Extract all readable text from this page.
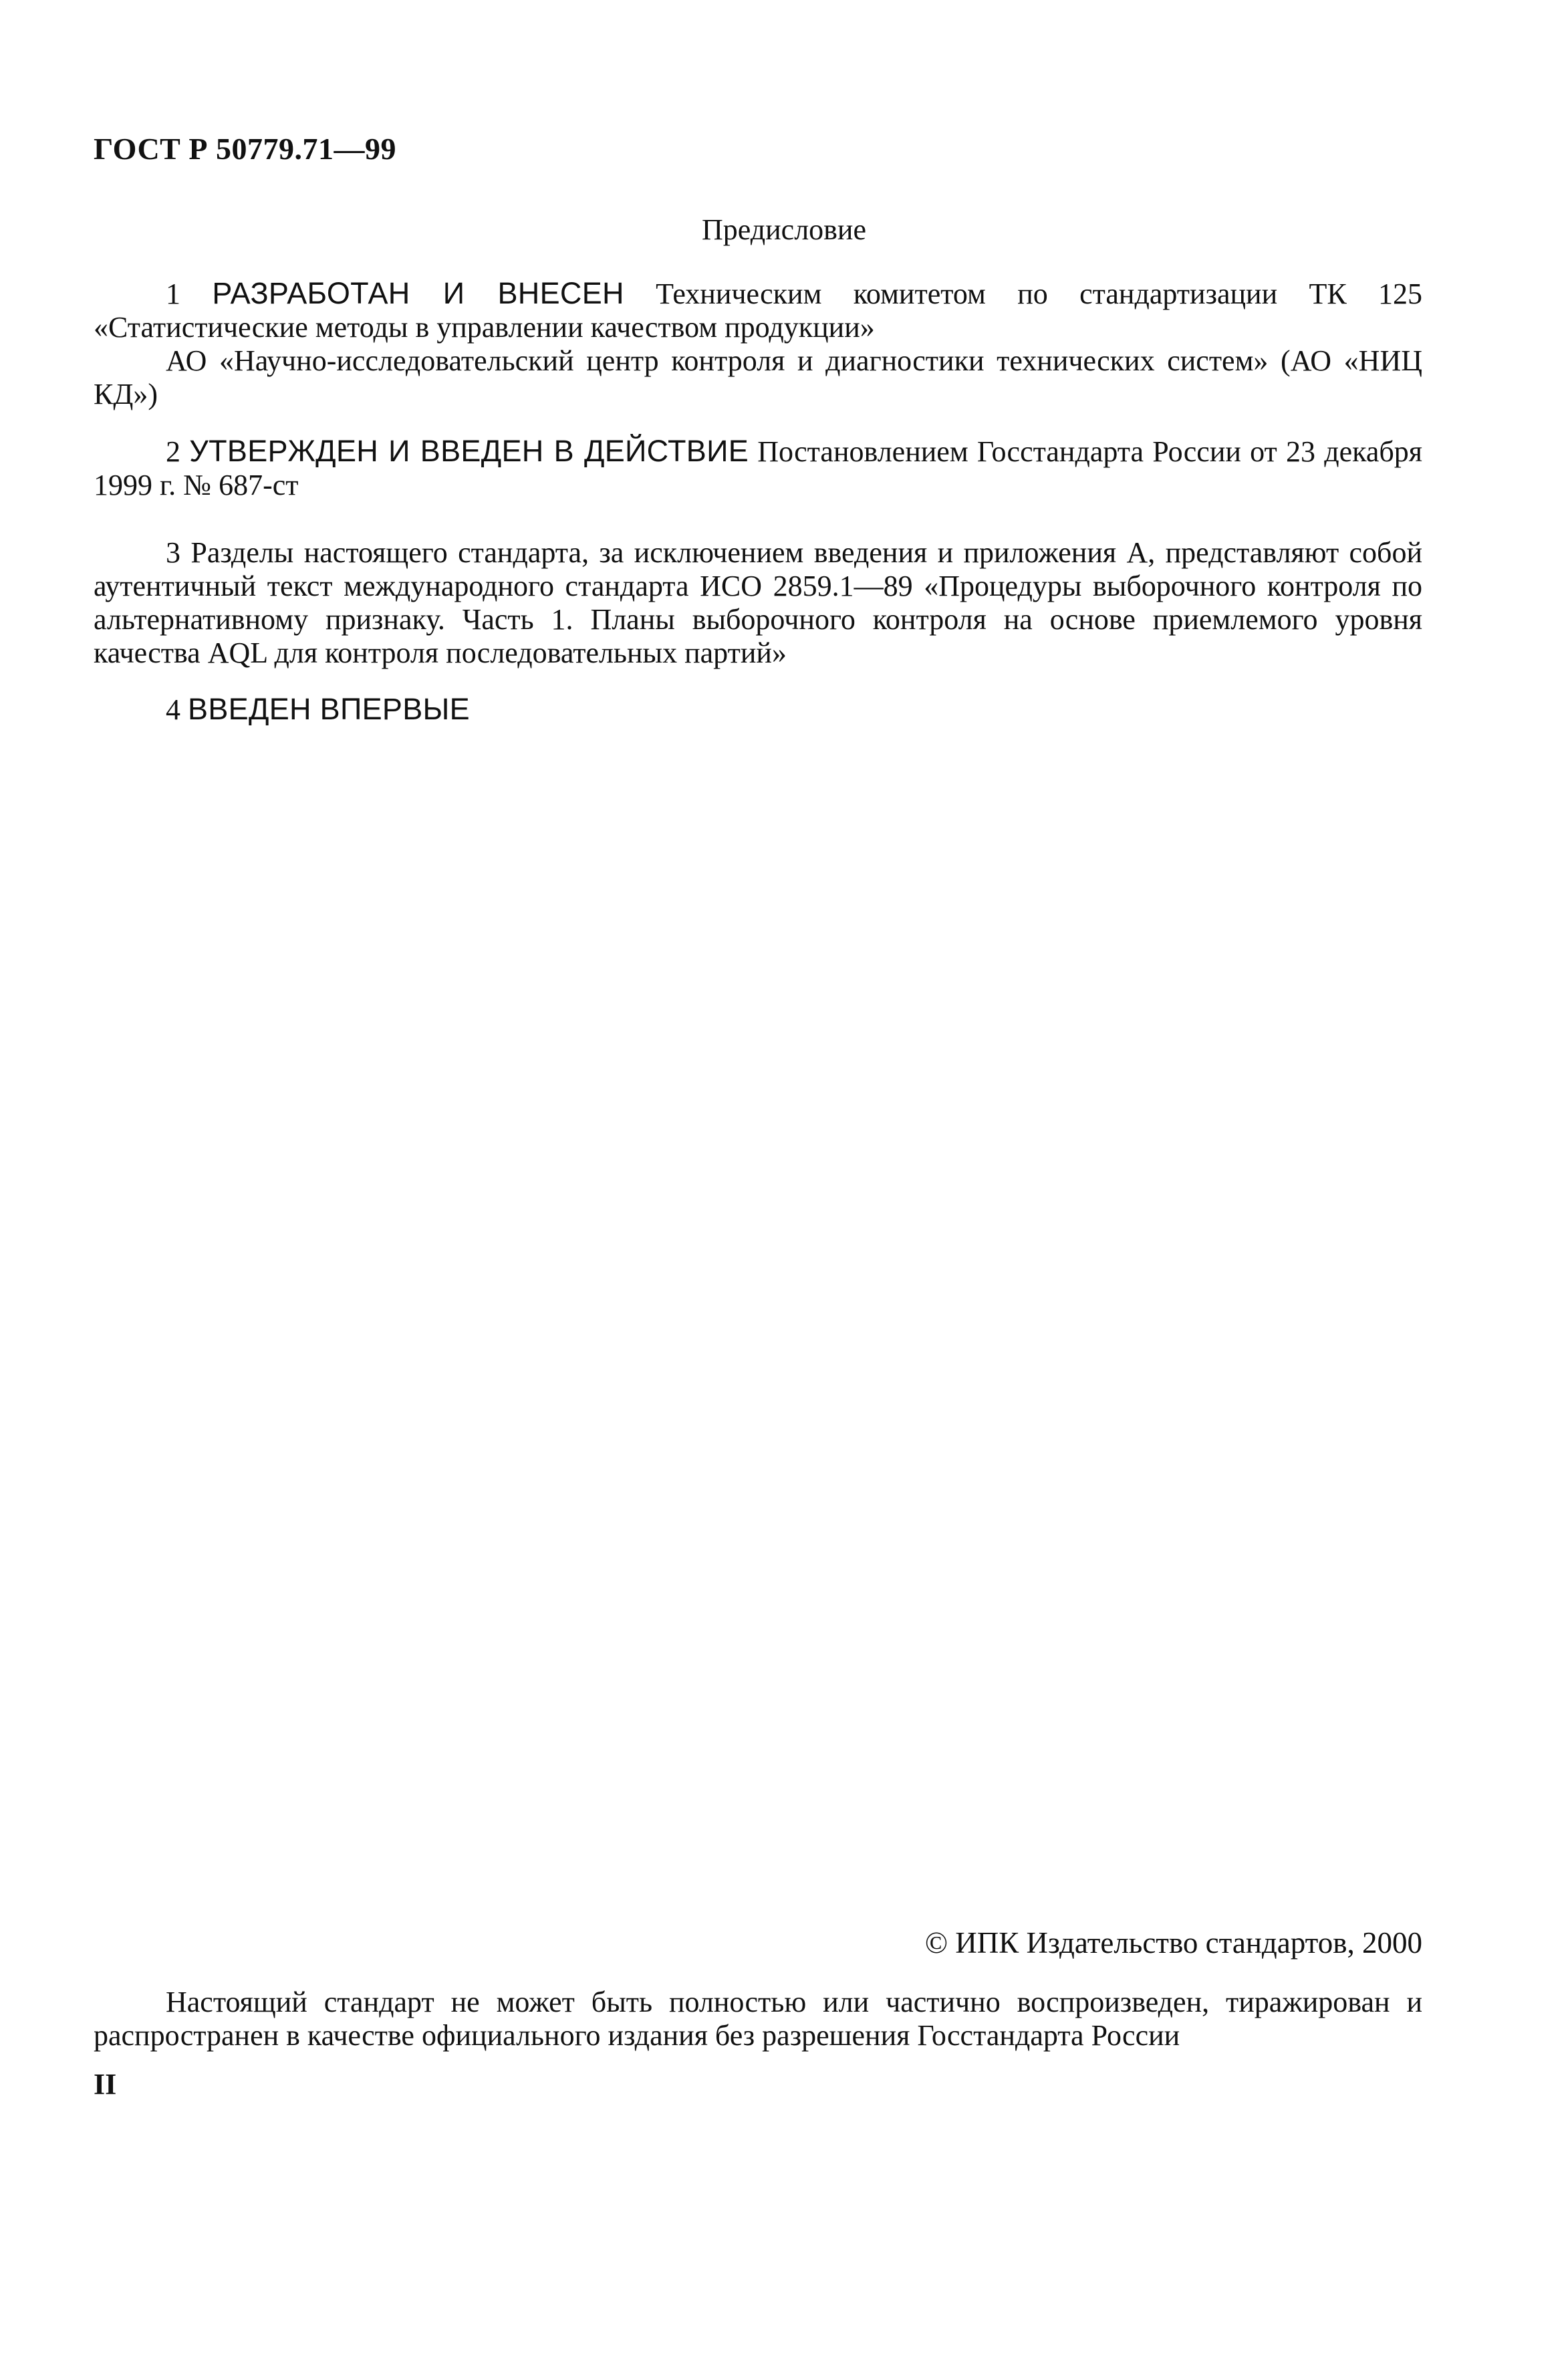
ГОСТ Р 50779.71—99
Предисловие

1 РАЗРАБОТАН И ВНЕСЕН Техническим комитетом по стандартизации ТК 125 «Статистические методы в управлении качеством продукции»

АО «Научно-исследовательский центр контроля и диагностики технических систем» (АО «НИЦ КД»)

2 УТВЕРЖДЕН И ВВЕДЕН В ДЕЙСТВИЕ Постановлением Госстандарта России от 23 декабря 1999 г. № 687-ст

3 Разделы настоящего стандарта, за исключением введения и приложения А, представляют собой аутентичный текст международного стандарта ИСО 2859.1—89 «Процедуры выборочного контроля по альтернативному признаку. Часть 1. Планы выборочного контроля на основе приемлемого уровня качества AQL для контроля последовательных партий»

4 ВВЕДЕН ВПЕРВЫЕ

© ИПК Издательство стандартов, 2000

Настоящий стандарт не может быть полностью или частично воспроизведен, тиражирован и распространен в качестве официального издания без разрешения Госстандарта России

II
